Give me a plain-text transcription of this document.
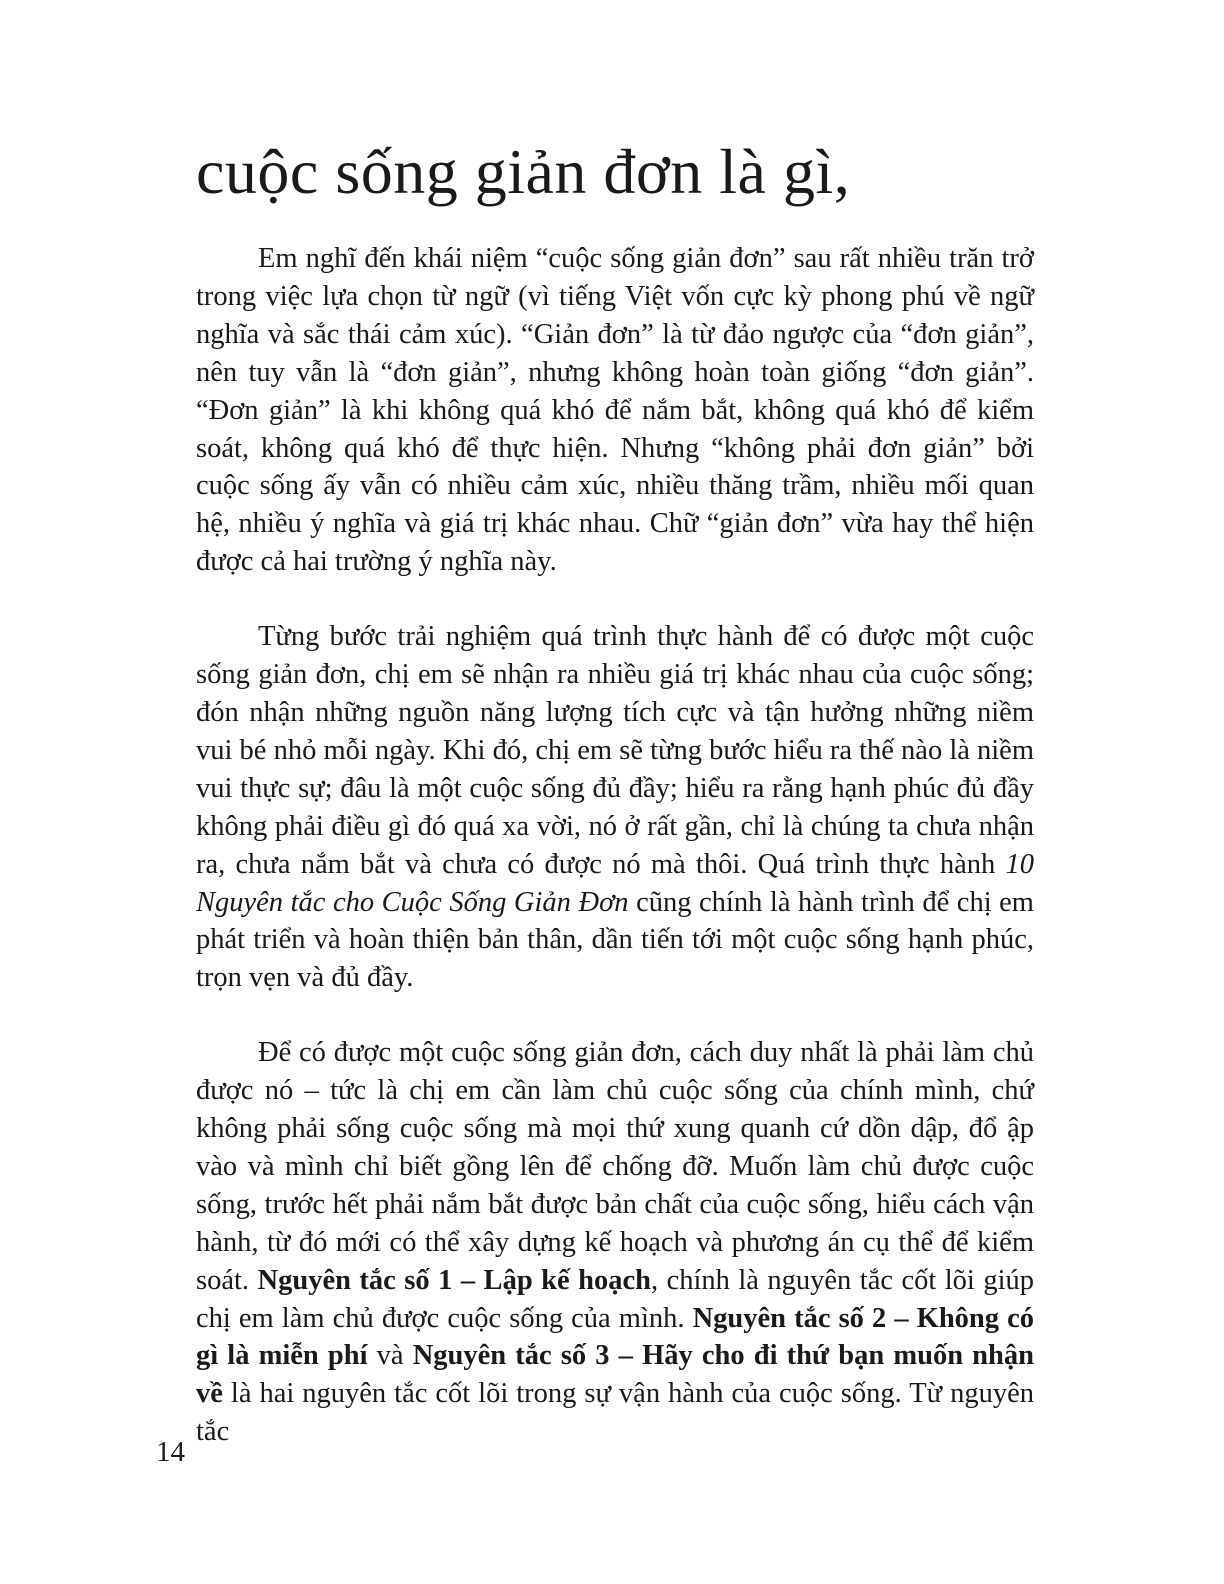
cuộc sống giản đơn là gì,

Em nghĩ đến khái niệm “cuộc sống giản đơn” sau rất nhiều trăn trở trong việc lựa chọn từ ngữ (vì tiếng Việt vốn cực kỳ phong phú về ngữ nghĩa và sắc thái cảm xúc). “Giản đơn” là từ đảo ngược của “đơn giản”, nên tuy vẫn là “đơn giản”, nhưng không hoàn toàn giống “đơn giản”. “Đơn giản” là khi không quá khó để nắm bắt, không quá khó để kiểm soát, không quá khó để thực hiện. Nhưng “không phải đơn giản” bởi cuộc sống ấy vẫn có nhiều cảm xúc, nhiều thăng trầm, nhiều mối quan hệ, nhiều ý nghĩa và giá trị khác nhau. Chữ “giản đơn” vừa hay thể hiện được cả hai trường ý nghĩa này.

Từng bước trải nghiệm quá trình thực hành để có được một cuộc sống giản đơn, chị em sẽ nhận ra nhiều giá trị khác nhau của cuộc sống; đón nhận những nguồn năng lượng tích cực và tận hưởng những niềm vui bé nhỏ mỗi ngày. Khi đó, chị em sẽ từng bước hiểu ra thế nào là niềm vui thực sự; đâu là một cuộc sống đủ đầy; hiểu ra rằng hạnh phúc đủ đầy không phải điều gì đó quá xa vời, nó ở rất gần, chỉ là chúng ta chưa nhận ra, chưa nắm bắt và chưa có được nó mà thôi. Quá trình thực hành 10 Nguyên tắc cho Cuộc Sống Giản Đơn cũng chính là hành trình để chị em phát triển và hoàn thiện bản thân, dần tiến tới một cuộc sống hạnh phúc, trọn vẹn và đủ đầy.

Để có được một cuộc sống giản đơn, cách duy nhất là phải làm chủ được nó – tức là chị em cần làm chủ cuộc sống của chính mình, chứ không phải sống cuộc sống mà mọi thứ xung quanh cứ dồn dập, đổ ập vào và mình chỉ biết gồng lên để chống đỡ. Muốn làm chủ được cuộc sống, trước hết phải nắm bắt được bản chất của cuộc sống, hiểu cách vận hành, từ đó mới có thể xây dựng kế hoạch và phương án cụ thể để kiểm soát. Nguyên tắc số 1 – Lập kế hoạch, chính là nguyên tắc cốt lõi giúp chị em làm chủ được cuộc sống của mình. Nguyên tắc số 2 – Không có gì là miễn phí và Nguyên tắc số 3 – Hãy cho đi thứ bạn muốn nhận về là hai nguyên tắc cốt lõi trong sự vận hành của cuộc sống. Từ nguyên tắc

14
